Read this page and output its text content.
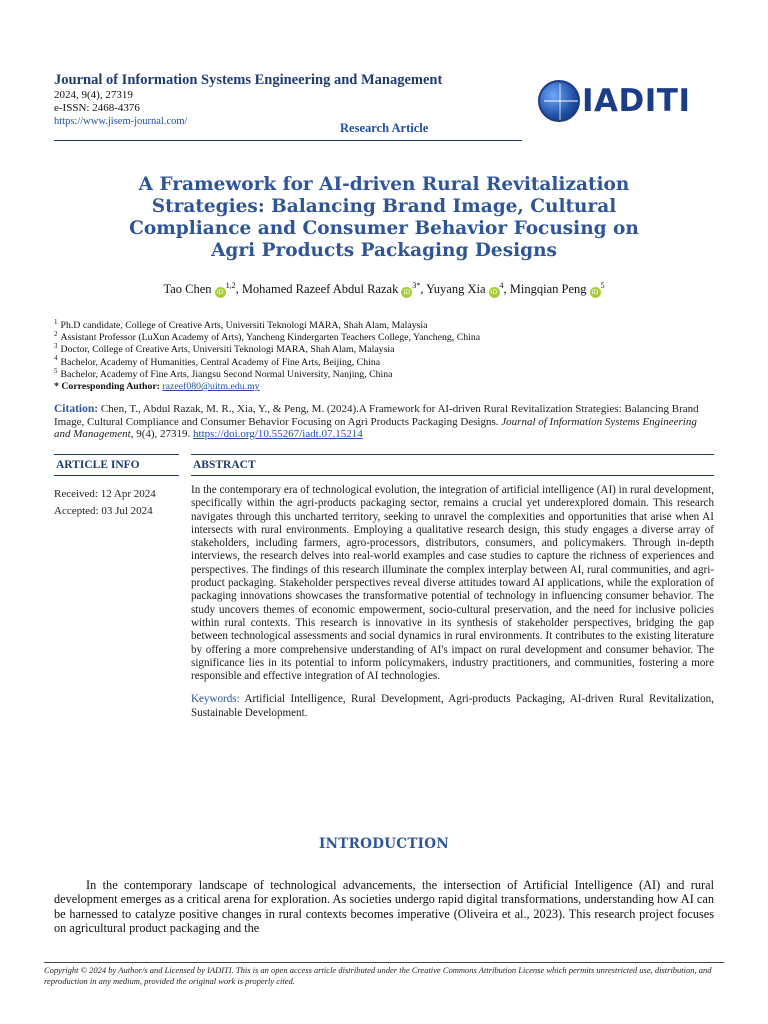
Journal of Information Systems Engineering and Management
2024, 9(4), 27319
e-ISSN: 2468-4376
https://www.jisem-journal.com/	Research Article
IADITI
A Framework for AI-driven Rural Revitalization
Strategies: Balancing Brand Image, Cultural
Compliance and Consumer Behavior Focusing on
Agri Products Packaging Designs
Tao Chen iD$^{1,2}$, Mohamed Razeef Abdul Razak $iD^{3*}$, Yuyang Xia $iD^4$, Mingqian Peng $iD^5$
$^1$ Ph.D candidate, College of Creative Arts, Universiti Teknologi MARA, Shah Alam, Malaysia
$^2$ Assistant Professor (LuXun Academy of Arts), Yancheng Kindergarten Teachers College, Yancheng, China
$^3$ Doctor, College of Creative Arts, Universiti Teknologi MARA, Shah Alam, Malaysia
$^4$ Bachelor, Academy of Humanities, Central Academy of Fine Arts, Beijing, China
$^5$ Bachelor, Academy of Fine Arts, Jiangsu Second Normal University, Nanjing, China
* Corresponding Author: razeef080@uitm.edu.my
Citation: Chen, T., Abdul Razak, M. R., Xia, Y., & Peng, M. (2024).A Framework for AI-driven Rural Revitalization Strategies: Balancing Brand Image, Cultural Compliance and Consumer Behavior Focusing on Agri Products Packaging Designs. Journal of Information Systems Engineering and Management, 9(4), 27319. https://doi.org/10.55267/iadt.07.15214
ARTICLE INFO
Received: 12 Apr 2024
Accepted: 03 Jul 2024
ABSTRACT

In the contemporary era of technological evolution, the integration of artificial intelligence (AI) in rural development, specifically within the agri-products packaging sector, remains a crucial yet underexplored domain. This research navigates through this uncharted territory, seeking to unravel the complexities and opportunities that arise when AI intersects with rural environments. Employing a qualitative research design, this study engages a diverse array of stakeholders, including farmers, agro-processors, distributors, consumers, and policymakers. Through in-depth interviews, the research delves into real-world examples and case studies to capture the richness of experiences and perspectives. The findings of this research illuminate the complex interplay between AI, rural communities, and agri-product packaging. Stakeholder perspectives reveal diverse attitudes toward AI applications, while the exploration of packaging innovations showcases the transformative potential of technology in influencing consumer behavior. The study uncovers themes of economic empowerment, socio-cultural preservation, and the need for inclusive policies within rural contexts. This research is innovative in its synthesis of stakeholder perspectives, bridging the gap between technological assessments and social dynamics in rural environments. It contributes to the existing literature by offering a more comprehensive understanding of AI's impact on rural development and consumer behavior. The significance lies in its potential to inform policymakers, industry practitioners, and communities, fostering a more responsible and effective integration of AI technologies.

Keywords: Artificial Intelligence, Rural Development, Agri-products Packaging, AI-driven Rural Revitalization, Sustainable Development.

INTRODUCTION

In the contemporary landscape of technological advancements, the intersection of Artificial Intelligence (AI) and rural development emerges as a critical arena for exploration. As societies undergo rapid digital transformations, understanding how AI can be harnessed to catalyze positive changes in rural contexts becomes imperative (Oliveira et al., 2023). This research project focuses on agricultural product packaging and the

Copyright © 2024 by Author/s and Licensed by IADITI. This is an open access article distributed under the Creative Commons Attribution License which permits unrestricted use, distribution, and reproduction in any medium, provided the original work is properly cited.
